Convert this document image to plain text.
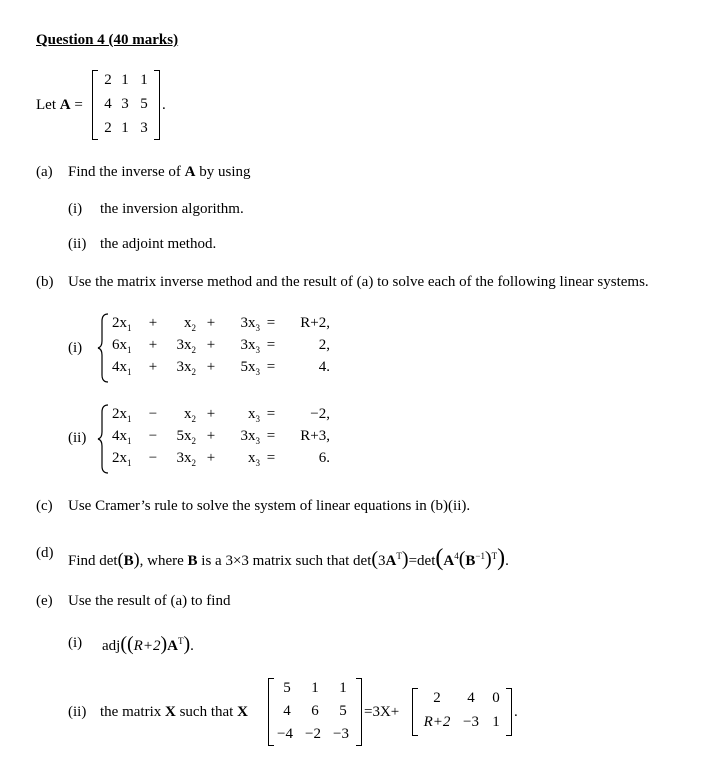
Question 4 (40 marks)
Let A =
2 1 1
4 3 5
2 1 3
.
(a) Find the inverse of A by using
(i) the inversion algorithm.
(ii) the adjoint method.
(b) Use the matrix inverse method and the result of (a) to solve each of the following linear systems.
(i)
$2x_1$	+	$x_2$ +	$3x_3$ =	R+2,
$6x_1$	+	$3x_2$ +	$3x_3$ =	2,
$4x_1$	+	$3x_2$ +	$5x_3$ =	4.
(ii)
$2x_1$	−	$x_2$ +	$x_3$ =	−2,
$4x_1$	−	$5x_2$ +	$3x_3$ =	R+3,
$2x_1$	−	$3x_2$ +	$x_3$ =	6.
(c) Use Cramer’s rule to solve the system of linear equations in (b)(ii).
(d) Find det(B), where B is a 3×3 matrix such that $\det(3A^T)=\det(A^4(B^{-1})^T)$.
(e) Use the result of (a) to find
(i) $adj((R+2)A^T)$.
(ii) the matrix X such that X
5	1	1
4	6	5
−4 −2 −3
=3X+
2	4	0
R+2 −3 1
.
